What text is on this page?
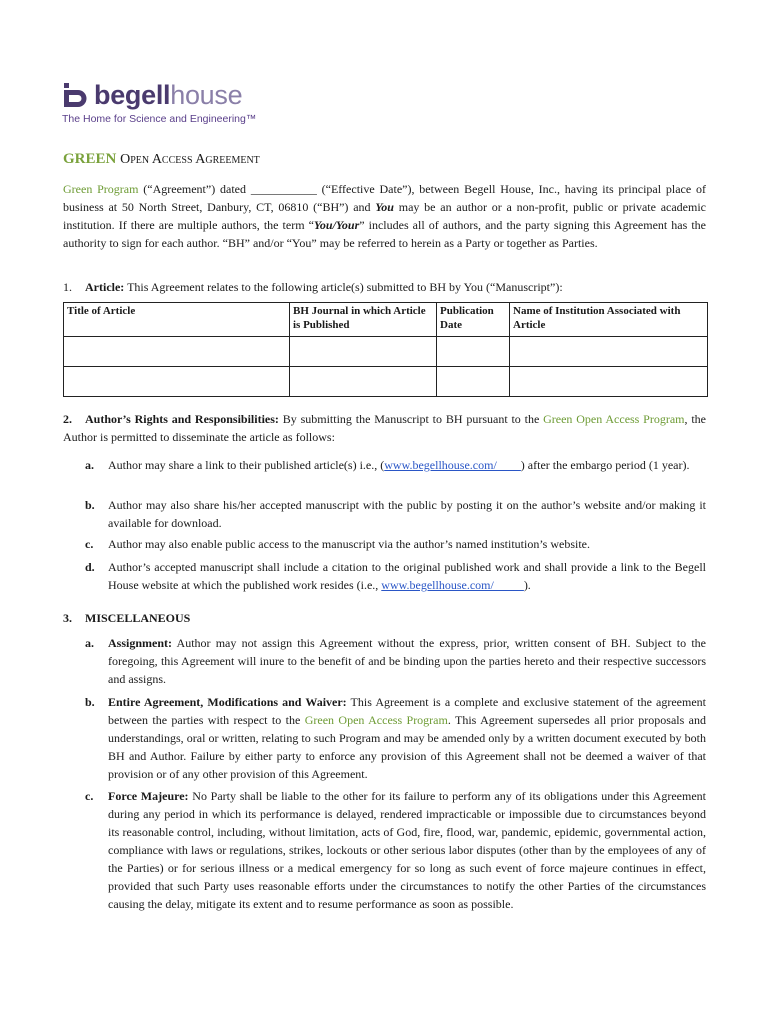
begellhouse
The Home for Science and Engineering™
GREEN Open Access Agreement
Green Program (“Agreement”) dated ___________ (“Effective Date”), between Begell House, Inc., having its principal place of business at 50 North Street, Danbury, CT, 06810 (“BH”) and You may be an author or a non-profit, public or private academic institution. If there are multiple authors, the term “You/Your” includes all of authors, and the party signing this Agreement has the authority to sign for each author. “BH” and/or “You” may be referred to herein as a Party or together as Parties.
1. Article: This Agreement relates to the following article(s) submitted to BH by You (“Manuscript”):
Title of Article	BH Journal in which Article is Published	Publication Date	Name of Institution Associated with Article

2. Author’s Rights and Responsibilities: By submitting the Manuscript to BH pursuant to the Green Open Access Program, the Author is permitted to disseminate the article as follows:
a. Author may share a link to their published article(s) i.e., (www.begellhouse.com/____) after the embargo period (1 year).
b. Author may also share his/her accepted manuscript with the public by posting it on the author’s website and/or making it available for download.
c. Author may also enable public access to the manuscript via the author’s named institution’s website.
d. Author’s accepted manuscript shall include a citation to the original published work and shall provide a link to the Begell House website at which the published work resides (i.e., www.begellhouse.com/_____).
3. MISCELLANEOUS
a. Assignment: Author may not assign this Agreement without the express, prior, written consent of BH. Subject to the foregoing, this Agreement will inure to the benefit of and be binding upon the parties hereto and their respective successors and assigns.
b. Entire Agreement, Modifications and Waiver: This Agreement is a complete and exclusive statement of the agreement between the parties with respect to the Green Open Access Program. This Agreement supersedes all prior proposals and understandings, oral or written, relating to such Program and may be amended only by a written document executed by both BH and Author. Failure by either party to enforce any provision of this Agreement shall not be deemed a waiver of that provision or of any other provision of this Agreement.
c. Force Majeure: No Party shall be liable to the other for its failure to perform any of its obligations under this Agreement during any period in which its performance is delayed, rendered impracticable or impossible due to circumstances beyond its reasonable control, including, without limitation, acts of God, fire, flood, war, pandemic, epidemic, governmental action, compliance with laws or regulations, strikes, lockouts or other serious labor disputes (other than by the employees of any of the Parties) or for serious illness or a medical emergency for so long as such event of force majeure continues in effect, provided that such Party uses reasonable efforts under the circumstances to notify the other Parties of the circumstances causing the delay, mitigate its extent and to resume performance as soon as possible.
